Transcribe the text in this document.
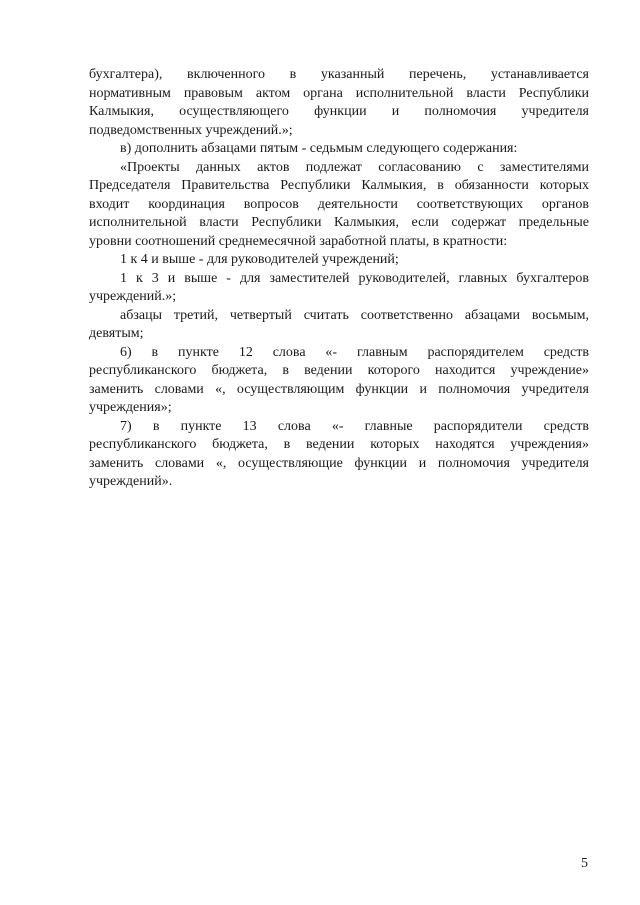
бухгалтера), включенного в указанный перечень, устанавливается
нормативным правовым актом органа исполнительной власти Республики
Калмыкия, осуществляющего функции и полномочия учредителя
подведомственных учреждений.»;
в) дополнить абзацами пятым - седьмым следующего содержания:
«Проекты данных актов подлежат согласованию с заместителями
Председателя Правительства Республики Калмыкия, в обязанности которых
входит координация вопросов деятельности соответствующих органов
исполнительной власти Республики Калмыкия, если содержат предельные
уровни соотношений среднемесячной заработной платы, в кратности:
1 к 4 и выше - для руководителей учреждений;
1 к 3 и выше - для заместителей руководителей, главных бухгалтеров
учреждений.»;
абзацы третий, четвертый считать соответственно абзацами восьмым,
девятым;
6) в пункте 12 слова «- главным распорядителем средств
республиканского бюджета, в ведении которого находится учреждение»
заменить словами «, осуществляющим функции и полномочия учредителя
учреждения»;
7) в пункте 13 слова «- главные распорядители средств
республиканского бюджета, в ведении которых находятся учреждения»
заменить словами «, осуществляющие функции и полномочия учредителя
учреждений».
5
